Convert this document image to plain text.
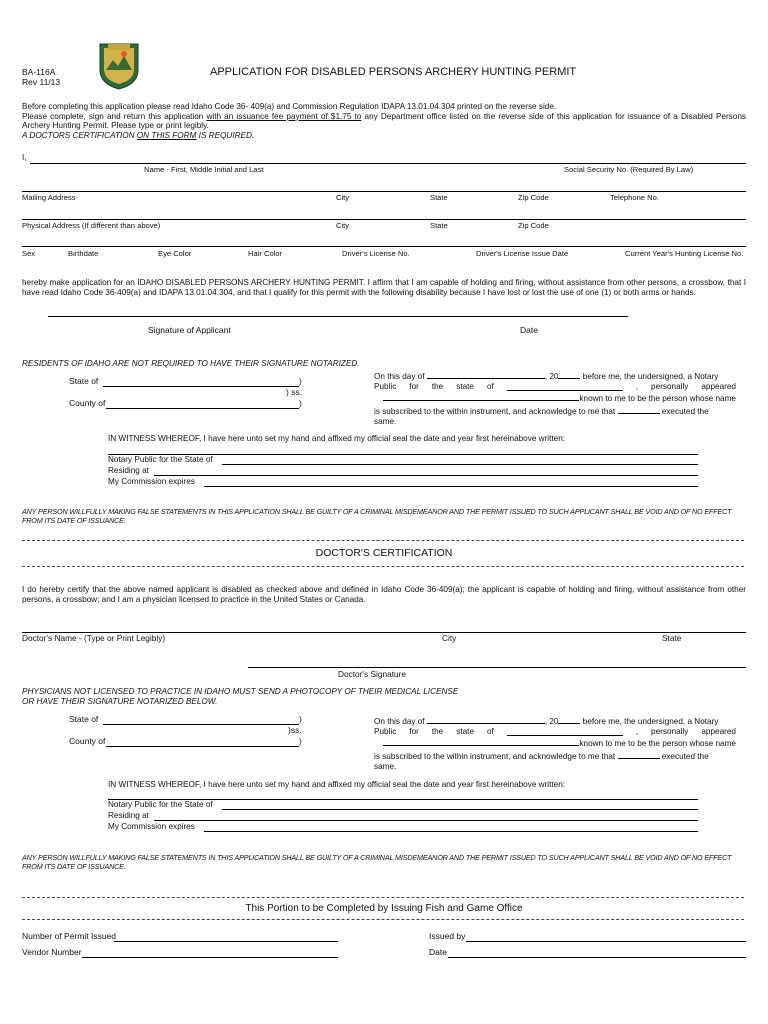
BA-116A
Rev 11/13
APPLICATION FOR DISABLED PERSONS ARCHERY HUNTING PERMIT
Before completing this application please read Idaho Code 36- 409(a) and Commission Regulation IDAPA 13.01.04.304 printed on the reverse side.
Please complete, sign and return this application with an issuance fee payment of $1.75 to any Department office listed on the reverse side of this application for issuance of a Disabled Persons Archery Hunting Permit. Please type or print legibly.
A DOCTORS CERTIFICATION ON THIS FORM IS REQUIRED.
I,
Name - First, Middle Initial and Last	Social Security No. (Required By Law)
Mailing Address	City	State	Zip Code	Telephone No.
Physical Address (If different than above)	City	State	Zip Code
Sex	Birthdate	Eye Color	Hair Color	Driver's License No.	Driver's License Issue Date	Current Year's Hunting License No.
hereby make application for an IDAHO DISABLED PERSONS ARCHERY HUNTING PERMIT. I affirm that I am capable of holding and firing, without assistance from other persons, a crossbow, that I have read Idaho Code 36-409(a) and IDAPA 13.01.04.304, and that I qualify for this permit with the following disability because I have lost or lost the use of one (1) or both arms or hands.
Signature of Applicant	Date
RESIDENTS OF IDAHO ARE NOT REQUIRED TO HAVE THEIR SIGNATURE NOTARIZED.
State of	)
) ss.
County of	)
On this day of	, 20	before me, the undersigned, a Notary
Public for the state of	, personally appeared
known to me to be the person whose name
is subscribed to the within instrument, and acknowledge to me that	executed the
same.
IN WITNESS WHEREOF, I have here unto set my hand and affixed my official seal the date and year first hereinabove written:
Notary Public for the State of
Residing at
My Commission expires
ANY PERSON WILLFULLY MAKING FALSE STATEMENTS IN THIS APPLICATION SHALL BE GUILTY OF A CRIMINAL MISDEMEANOR AND THE PERMIT ISSUED TO SUCH APPLICANT SHALL BE VOID AND OF NO EFFECT FROM ITS DATE OF ISSUANCE.
DOCTOR'S CERTIFICATION
I do hereby certify that the above named applicant is disabled as checked above and defined in Idaho Code 36-409(a); the applicant is capable of holding and firing, without assistance from other persons, a crossbow; and I am a physician licensed to practice in the United States or Canada.
Doctor's Name - (Type or Print Legibly)	City	State
Doctor's Signature
PHYSICIANS NOT LICENSED TO PRACTICE IN IDAHO MUST SEND A PHOTOCOPY OF THEIR MEDICAL LICENSE
OR HAVE THEIR SIGNATURE NOTARIZED BELOW.
State of	)
)ss.
County of	)
On this day of	, 20	before me, the undersigned, a Notary
Public for the state of	, personally appeared
known to me to be the person whose name
is subscribed to the within instrument, and acknowledge to me that	executed the
same.
IN WITNESS WHEREOF, I have here unto set my hand and affixed my official seal the date and year first hereinabove written:
Notary Public for the State of
Residing at
My Commission expires
ANY PERSON WILLFULLY MAKING FALSE STATEMENTS IN THIS APPLICATION SHALL BE GUILTY OF A CRIMINAL MISDEMEANOR AND THE PERMIT ISSUED TO SUCH APPLICANT SHALL BE VOID AND OF NO EFFECT FROM ITS DATE OF ISSUANCE.
This Portion to be Completed by Issuing Fish and Game Office
Number of Permit Issued
Vendor Number
Issued by
Date
